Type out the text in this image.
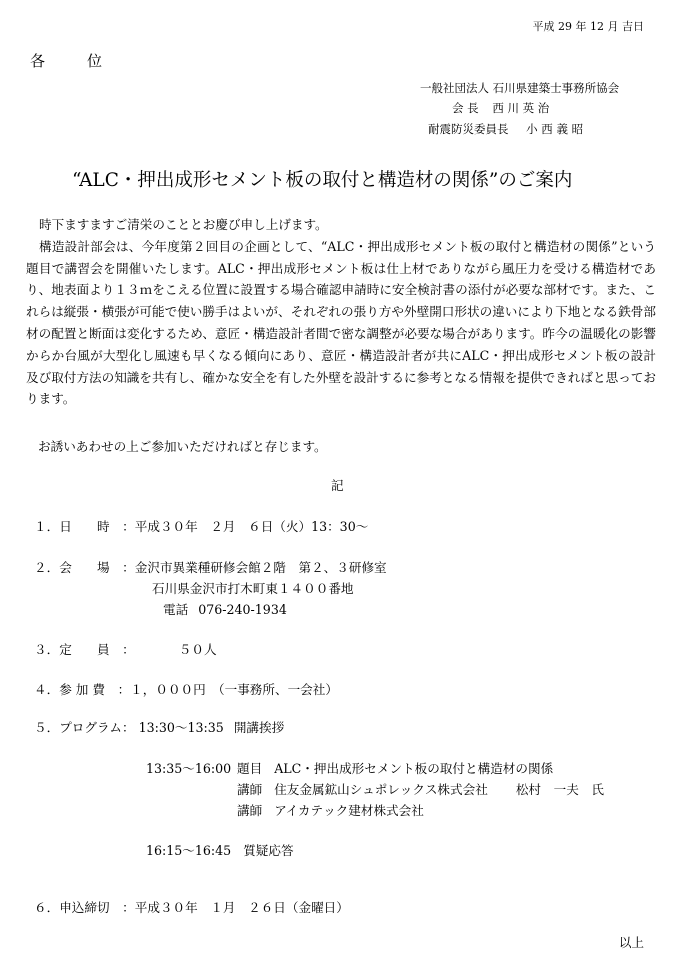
平成 29 年 12 月 吉日
各位
一般社団法人 石川県建築士事務所協会
会 長 西 川 英 治
耐震防災委員長 小 西 義 昭
“ALC・押出成形セメント板の取付と構造材の関係”のご案内

時下ますますご清栄のこととお慶び申し上げます。

構造設計部会は、今年度第２回目の企画として、“ALC・押出成形セメント板の取付と構造材の関係”という題目で講習会を開催いたします。ALC・押出成形セメント板は仕上材でありながら風圧力を受ける構造材であり、地表面より１３ｍをこえる位置に設置する場合確認申請時に安全検討書の添付が必要な部材です。また、これらは縦張・横張が可能で使い勝手はよいが、それぞれの張り方や外壁開口形状の違いにより下地となる鉄骨部材の配置と断面は変化するため、意匠・構造設計者間で密な調整が必要な場合があります。昨今の温暖化の影響からか台風が大型化し風速も早くなる傾向にあり、意匠・構造設計者が共にALC・押出成形セメント板の設計及び取付方法の知識を共有し、確かな安全を有した外壁を設計するに参考となる情報を提供できればと思っております。

お誘いあわせの上ご参加いただければと存じます。
記
１．日　　時　：平成３０年　２月　６日（火）13：30～
２．会　　場　：金沢市異業種研修会館２階　第２、３研修室
石川県金沢市打木町東１４００番地
電話 076-240-1934
３．定　　員　：	５０人
４．参 加 費　：１，０００円　（一事務所、一会社）
５．プログラム： 13:30～13:35 開講挨拶
13:35～16:00 題目 ALC・押出成形セメント板の取付と構造材の関係
講師 住友金属鉱山シュポレックス株式会社 松村　一夫　氏
講師 アイカテック建材株式会社
16:15～16:45 質疑応答
６．申込締切　：平成３０年　１月　２６日（金曜日）
以上
